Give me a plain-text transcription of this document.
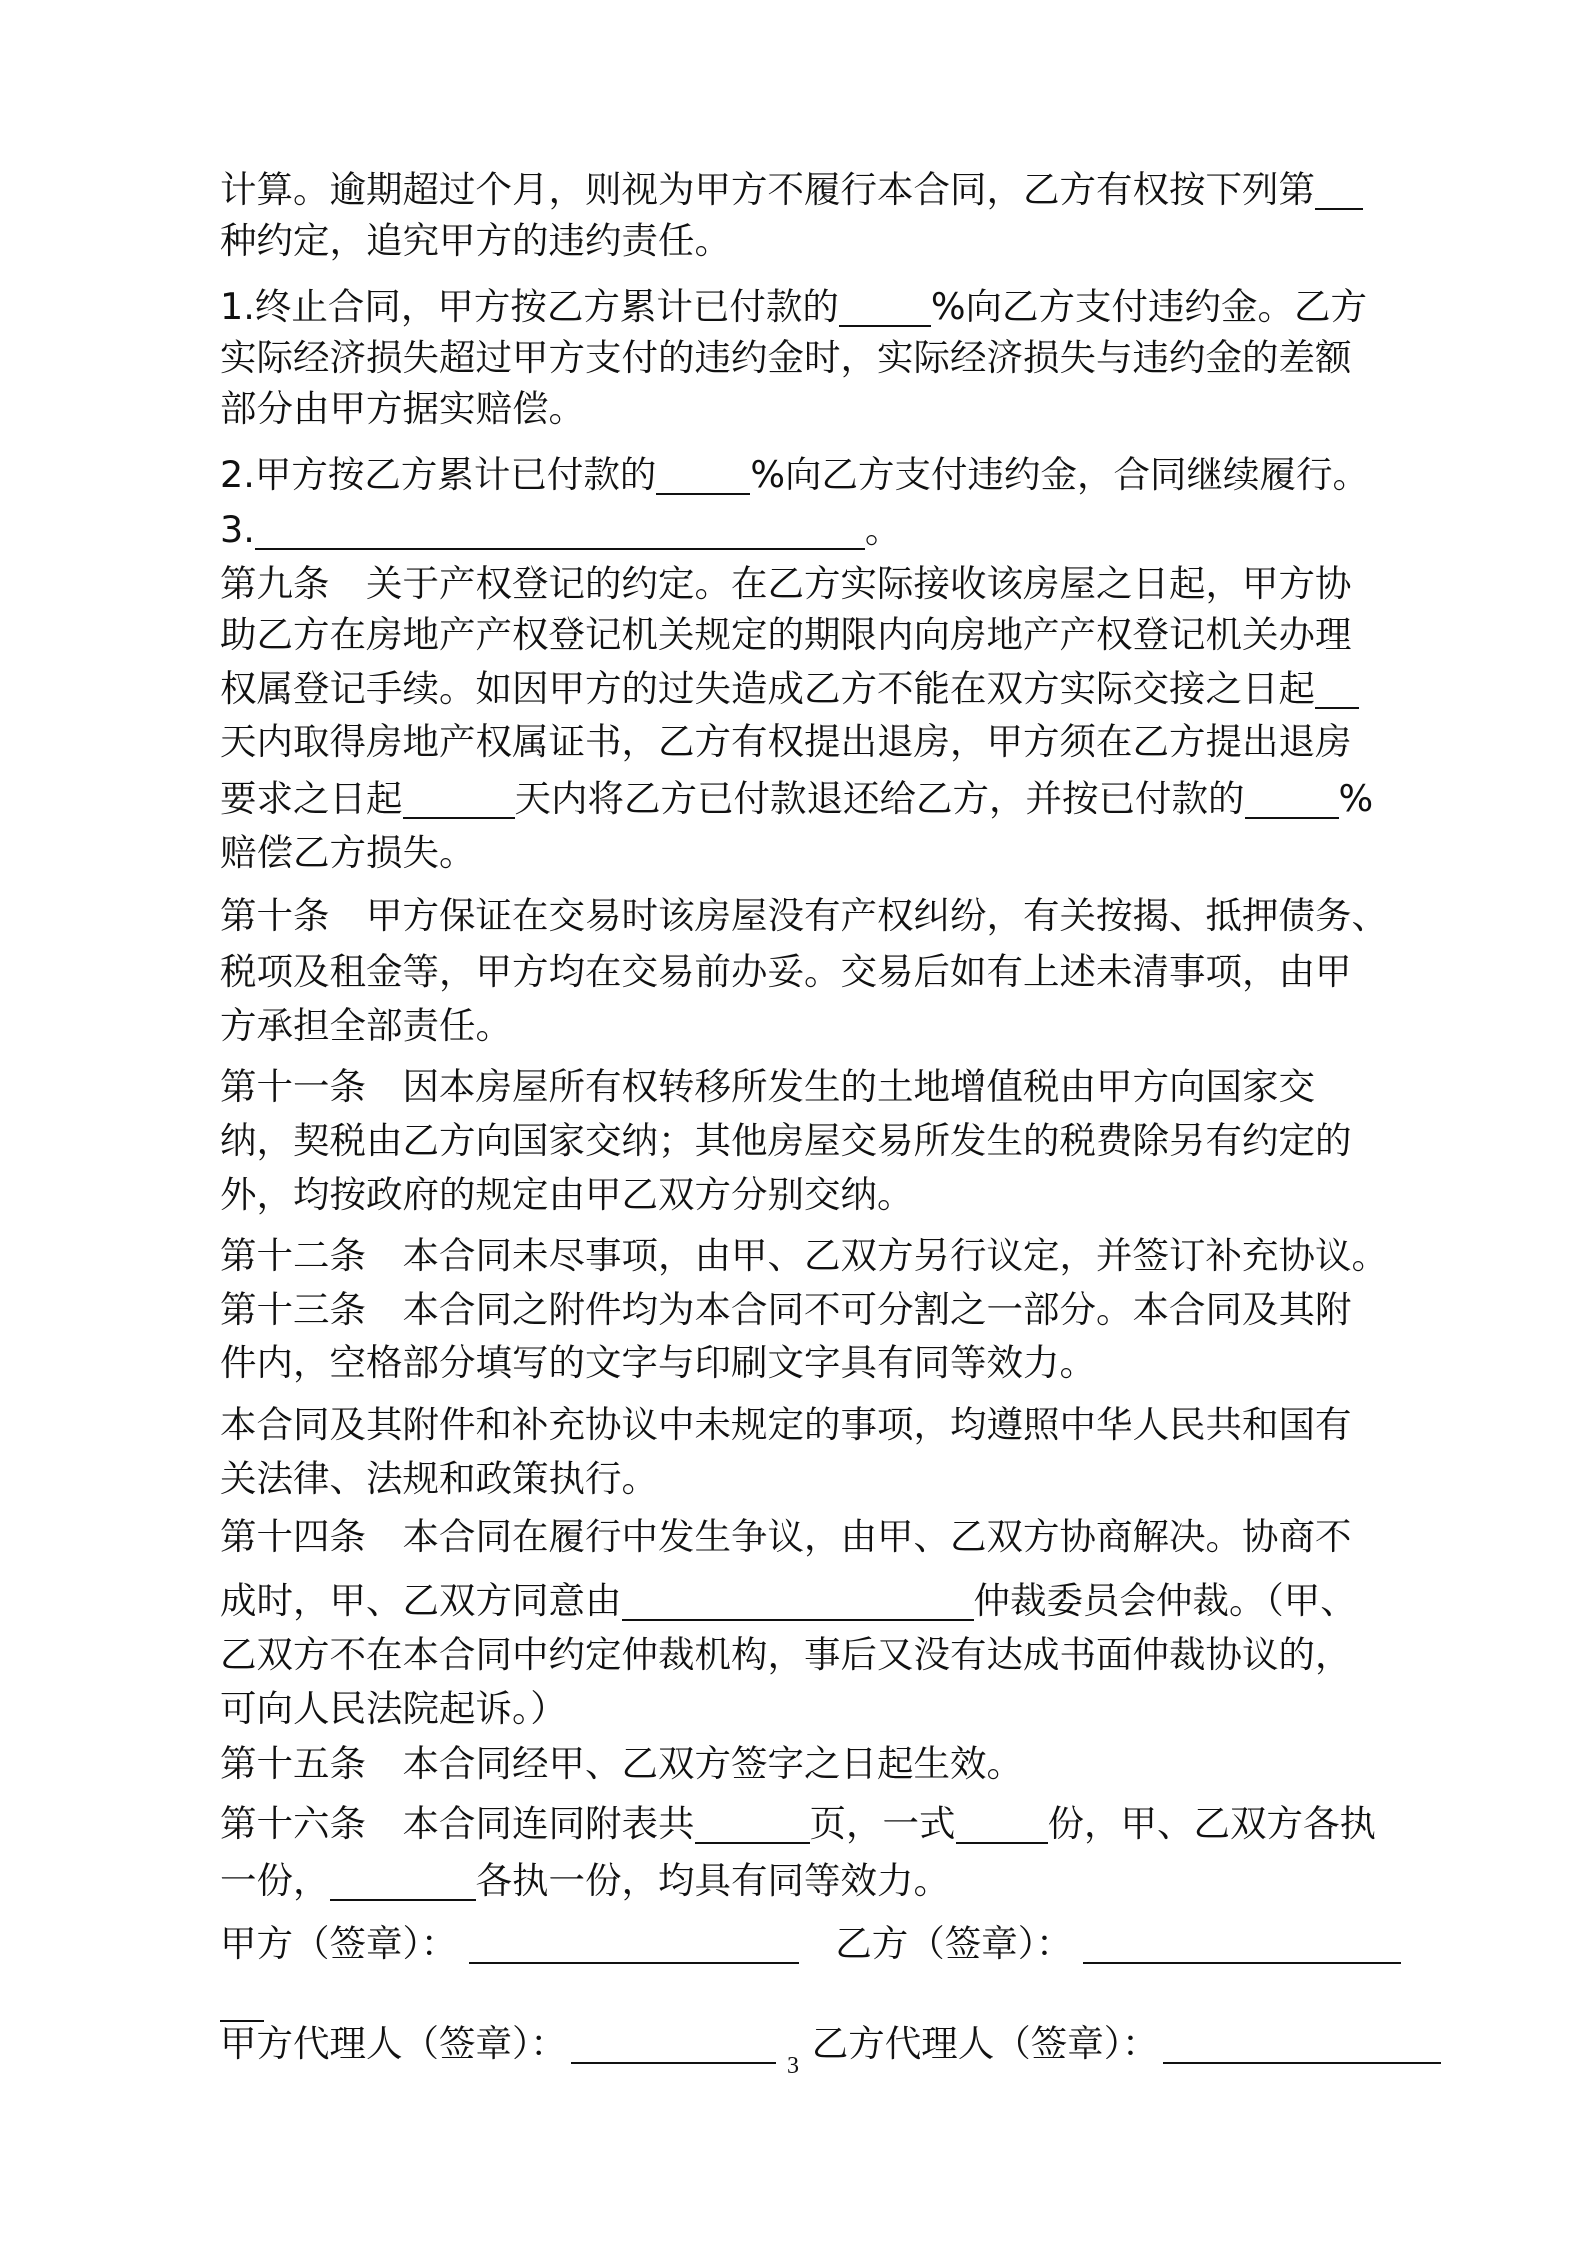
计算。逾期超过个月，则视为甲方不履行本合同，乙方有权按下列第
种约定，追究甲方的违约责任。
1.终止合同，甲方按乙方累计已付款的	%向乙方支付违约金。乙方
实际经济损失超过甲方支付的违约金时，实际经济损失与违约金的差额
部分由甲方据实赔偿。
2.甲方按乙方累计已付款的	%向乙方支付违约金，合同继续履行。
3.	。
第九条　关于产权登记的约定。在乙方实际接收该房屋之日起，甲方协
助乙方在房地产产权登记机关规定的期限内向房地产产权登记机关办理
权属登记手续。如因甲方的过失造成乙方不能在双方实际交接之日起
天内取得房地产权属证书，乙方有权提出退房，甲方须在乙方提出退房
要求之日起	天内将乙方已付款退还给乙方，并按已付款的	%
赔偿乙方损失。
第十条　甲方保证在交易时该房屋没有产权纠纷，有关按揭、抵押债务、
税项及租金等，甲方均在交易前办妥。交易后如有上述未清事项，由甲
方承担全部责任。
第十一条　因本房屋所有权转移所发生的土地增值税由甲方向国家交
纳，契税由乙方向国家交纳；其他房屋交易所发生的税费除另有约定的
外，均按政府的规定由甲乙双方分别交纳。
第十二条　本合同未尽事项，由甲、乙双方另行议定，并签订补充协议。
第十三条　本合同之附件均为本合同不可分割之一部分。本合同及其附
件内，空格部分填写的文字与印刷文字具有同等效力。
本合同及其附件和补充协议中未规定的事项，均遵照中华人民共和国有
关法律、法规和政策执行。
第十四条　本合同在履行中发生争议，由甲、乙双方协商解决。协商不
成时，甲、乙双方同意由	仲裁委员会仲裁。（甲、
乙双方不在本合同中约定仲裁机构，事后又没有达成书面仲裁协议的，
可向人民法院起诉。）
第十五条　本合同经甲、乙双方签字之日起生效。
第十六条　本合同连同附表共	页，一式	份，甲、乙双方各执
一份，	各执一份，均具有同等效力。
甲方（签章）：	乙方（签章）：
甲方代理人（签章）：	乙方代理人（签章）：
3
